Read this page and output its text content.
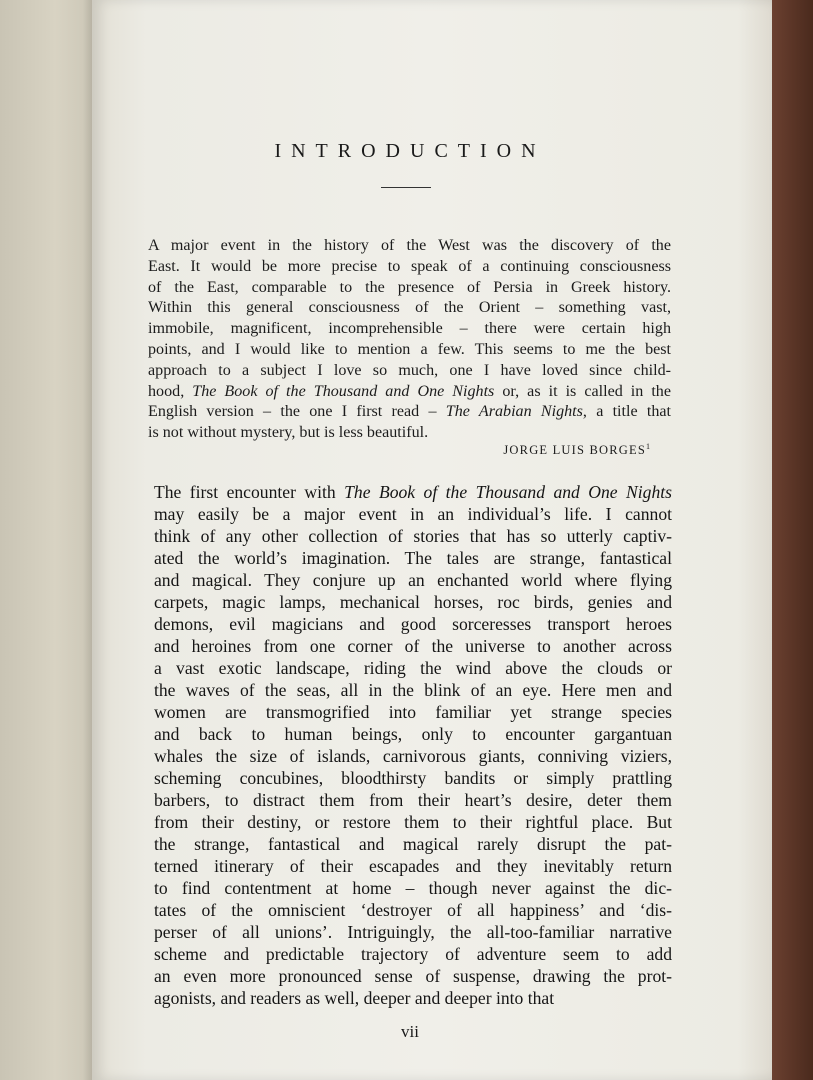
INTRODUCTION
A major event in the history of the West was the discovery of the
East. It would be more precise to speak of a continuing consciousness
of the East, comparable to the presence of Persia in Greek history.
Within this general consciousness of the Orient – something vast,
immobile, magnificent, incomprehensible – there were certain high
points, and I would like to mention a few. This seems to me the best
approach to a subject I love so much, one I have loved since child-
hood, The Book of the Thousand and One Nights or, as it is called in the
English version – the one I first read – The Arabian Nights, a title that
is not without mystery, but is less beautiful.
JORGE LUIS BORGES$^1$
The first encounter with The Book of the Thousand and One Nights
may easily be a major event in an individual’s life. I cannot
think of any other collection of stories that has so utterly captiv-
ated the world’s imagination. The tales are strange, fantastical
and magical. They conjure up an enchanted world where flying
carpets, magic lamps, mechanical horses, roc birds, genies and
demons, evil magicians and good sorceresses transport heroes
and heroines from one corner of the universe to another across
a vast exotic landscape, riding the wind above the clouds or
the waves of the seas, all in the blink of an eye. Here men and
women are transmogrified into familiar yet strange species
and back to human beings, only to encounter gargantuan
whales the size of islands, carnivorous giants, conniving viziers,
scheming concubines, bloodthirsty bandits or simply prattling
barbers, to distract them from their heart’s desire, deter them
from their destiny, or restore them to their rightful place. But
the strange, fantastical and magical rarely disrupt the pat-
terned itinerary of their escapades and they inevitably return
to find contentment at home – though never against the dic-
tates of the omniscient ‘destroyer of all happiness’ and ‘dis-
perser of all unions’. Intriguingly, the all-too-familiar narrative
scheme and predictable trajectory of adventure seem to add
an even more pronounced sense of suspense, drawing the prot-
agonists, and readers as well, deeper and deeper into that
vii
